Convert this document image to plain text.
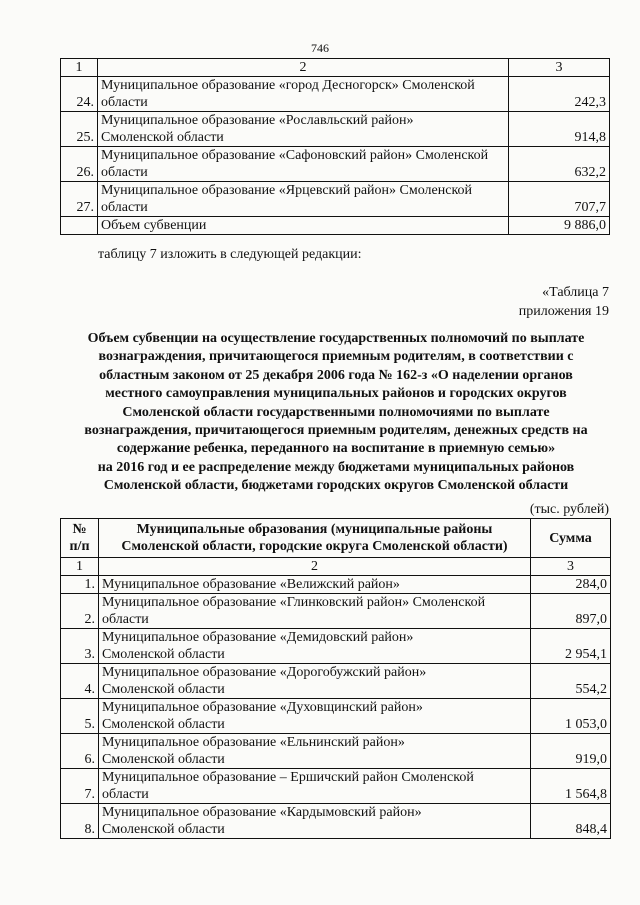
746
1	2	3
24.	Муниципальное образование «город Десногорск» Смоленской
области	242,3
25.	Муниципальное образование «Рославльский район»
Смоленской области	914,8
26.	Муниципальное образование «Сафоновский район» Смоленской
области	632,2
27.	Муниципальное образование «Ярцевский район» Смоленской
области	707,7
	Объем субвенции	9 886,0
таблицу 7 изложить в следующей редакции:
«Таблица 7
приложения 19
Объем субвенции на осуществление государственных полномочий по выплате
вознаграждения, причитающегося приемным родителям, в соответствии с
областным законом от 25 декабря 2006 года № 162-з «О наделении органов
местного самоуправления муниципальных районов и городских округов
Смоленской области государственными полномочиями по выплате
вознаграждения, причитающегося приемным родителям, денежных средств на
содержание ребенка, переданного на воспитание в приемную семью»
на 2016 год и ее распределение между бюджетами муниципальных районов
Смоленской области, бюджетами городских округов Смоленской области
(тыс. рублей)
№
п/п	Муниципальные образования (муниципальные районы
Смоленской области, городские округа Смоленской области)	Сумма
1	2	3
1.	Муниципальное образование «Велижский район»	284,0
2.	Муниципальное образование «Глинковский район» Смоленской
области	897,0
3.	Муниципальное образование «Демидовский район»
Смоленской области	2 954,1
4.	Муниципальное образование «Дорогобужский район»
Смоленской области	554,2
5.	Муниципальное образование «Духовщинский район»
Смоленской области	1 053,0
6.	Муниципальное образование «Ельнинский район»
Смоленской области	919,0
7.	Муниципальное образование – Ершичский район Смоленской
области	1 564,8
8.	Муниципальное образование «Кардымовский район»
Смоленской области	848,4
